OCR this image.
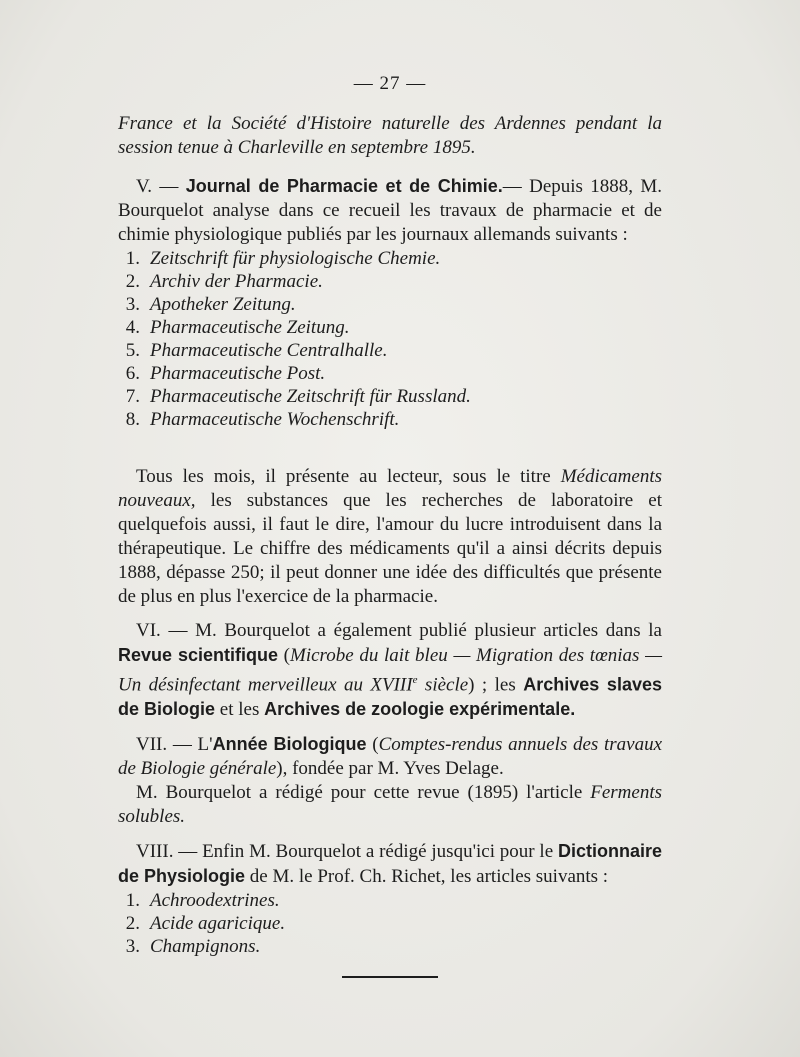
— 27 —

France et la Société d'Histoire naturelle des Ardennes pendant la session tenue à Charleville en septembre 1895.

V. — Journal de Pharmacie et de Chimie.— Depuis 1888, M. Bourquelot analyse dans ce recueil les travaux de pharmacie et de chimie physiologique publiés par les journaux allemands suivants :

1. Zeitschrift für physiologische Chemie.
2. Archiv der Pharmacie.
3. Apotheker Zeitung.
4. Pharmaceutische Zeitung.
5. Pharmaceutische Centralhalle.
6. Pharmaceutische Post.
7. Pharmaceutische Zeitschrift für Russland.
8. Pharmaceutische Wochenschrift.

Tous les mois, il présente au lecteur, sous le titre Médicaments nouveaux, les substances que les recherches de laboratoire et quelquefois aussi, il faut le dire, l'amour du lucre introduisent dans la thérapeutique. Le chiffre des médicaments qu'il a ainsi décrits depuis 1888, dépasse 250; il peut donner une idée des difficultés que présente de plus en plus l'exercice de la pharmacie.

VI. — M. Bourquelot a également publié plusieur articles dans la Revue scientifique (Microbe du lait bleu — Migration des tœnias — Un désinfectant merveilleux au XVIIIe siècle) ; les Archives slaves de Biologie et les Archives de zoologie expérimentale.

VII. — L'Année Biologique (Comptes-rendus annuels des travaux de Biologie générale), fondée par M. Yves Delage.

M. Bourquelot a rédigé pour cette revue (1895) l'article Ferments solubles.

VIII. — Enfin M. Bourquelot a rédigé jusqu'ici pour le Dictionnaire de Physiologie de M. le Prof. Ch. Richet, les articles suivants :

1. Achroodextrines.
2. Acide agaricique.
3. Champignons.
